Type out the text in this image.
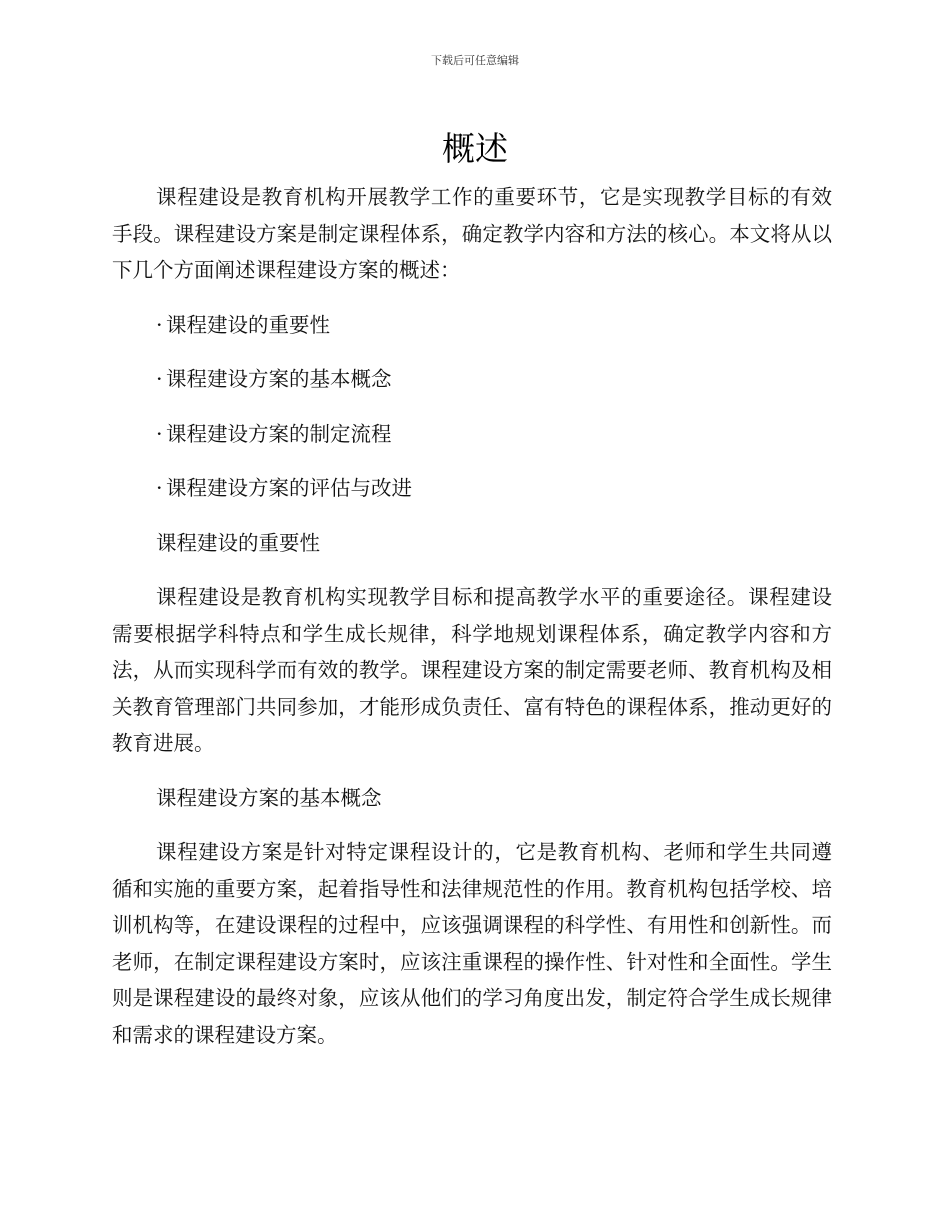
下载后可任意编辑
概述

课程建设是教育机构开展教学工作的重要环节，它是实现教学目标的有效手段。课程建设方案是制定课程体系，确定教学内容和方法的核心。本文将从以下几个方面阐述课程建设方案的概述：

· 课程建设的重要性
· 课程建设方案的基本概念
· 课程建设方案的制定流程
· 课程建设方案的评估与改进

课程建设的重要性

课程建设是教育机构实现教学目标和提高教学水平的重要途径。课程建设需要根据学科特点和学生成长规律，科学地规划课程体系，确定教学内容和方法，从而实现科学而有效的教学。课程建设方案的制定需要老师、教育机构及相关教育管理部门共同参加，才能形成负责任、富有特色的课程体系，推动更好的教育进展。

课程建设方案的基本概念

课程建设方案是针对特定课程设计的，它是教育机构、老师和学生共同遵循和实施的重要方案，起着指导性和法律规范性的作用。教育机构包括学校、培训机构等，在建设课程的过程中，应该强调课程的科学性、有用性和创新性。而老师，在制定课程建设方案时，应该注重课程的操作性、针对性和全面性。学生则是课程建设的最终对象，应该从他们的学习角度出发，制定符合学生成长规律和需求的课程建设方案。
